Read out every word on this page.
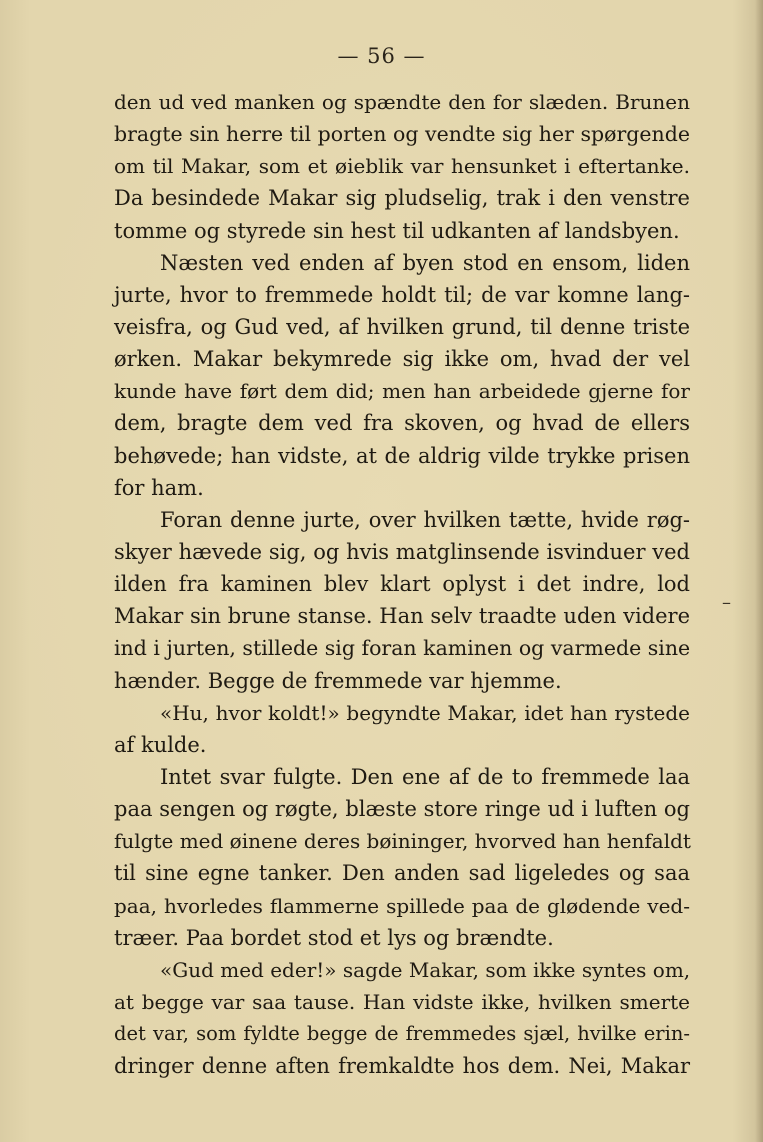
— 56 —
den ud ved manken og spændte den for slæden. Brunen
bragte sin herre til porten og vendte sig her spørgende
om til Makar, som et øieblik var hensunket i eftertanke.
Da besindede Makar sig pludselig, trak i den venstre
tomme og styrede sin hest til udkanten af landsbyen.
Næsten ved enden af byen stod en ensom, liden
jurte, hvor to fremmede holdt til; de var komne lang-
veisfra, og Gud ved, af hvilken grund, til denne triste
ørken. Makar bekymrede sig ikke om, hvad der vel
kunde have ført dem did; men han arbeidede gjerne for
dem, bragte dem ved fra skoven, og hvad de ellers
behøvede; han vidste, at de aldrig vilde trykke prisen
for ham.
Foran denne jurte, over hvilken tætte, hvide røg-
skyer hævede sig, og hvis matglinsende isvinduer ved
ilden fra kaminen blev klart oplyst i det indre, lod
Makar sin brune stanse. Han selv traadte uden videre
ind i jurten, stillede sig foran kaminen og varmede sine
hænder. Begge de fremmede var hjemme.
«Hu, hvor koldt!» begyndte Makar, idet han rystede
af kulde.
Intet svar fulgte. Den ene af de to fremmede laa
paa sengen og røgte, blæste store ringe ud i luften og
fulgte med øinene deres bøininger, hvorved han henfaldt
til sine egne tanker. Den anden sad ligeledes og saa
paa, hvorledes flammerne spillede paa de glødende ved-
træer. Paa bordet stod et lys og brændte.
«Gud med eder!» sagde Makar, som ikke syntes om,
at begge var saa tause. Han vidste ikke, hvilken smerte
det var, som fyldte begge de fremmedes sjæl, hvilke erin-
dringer denne aften fremkaldte hos dem. Nei, Makar
–
